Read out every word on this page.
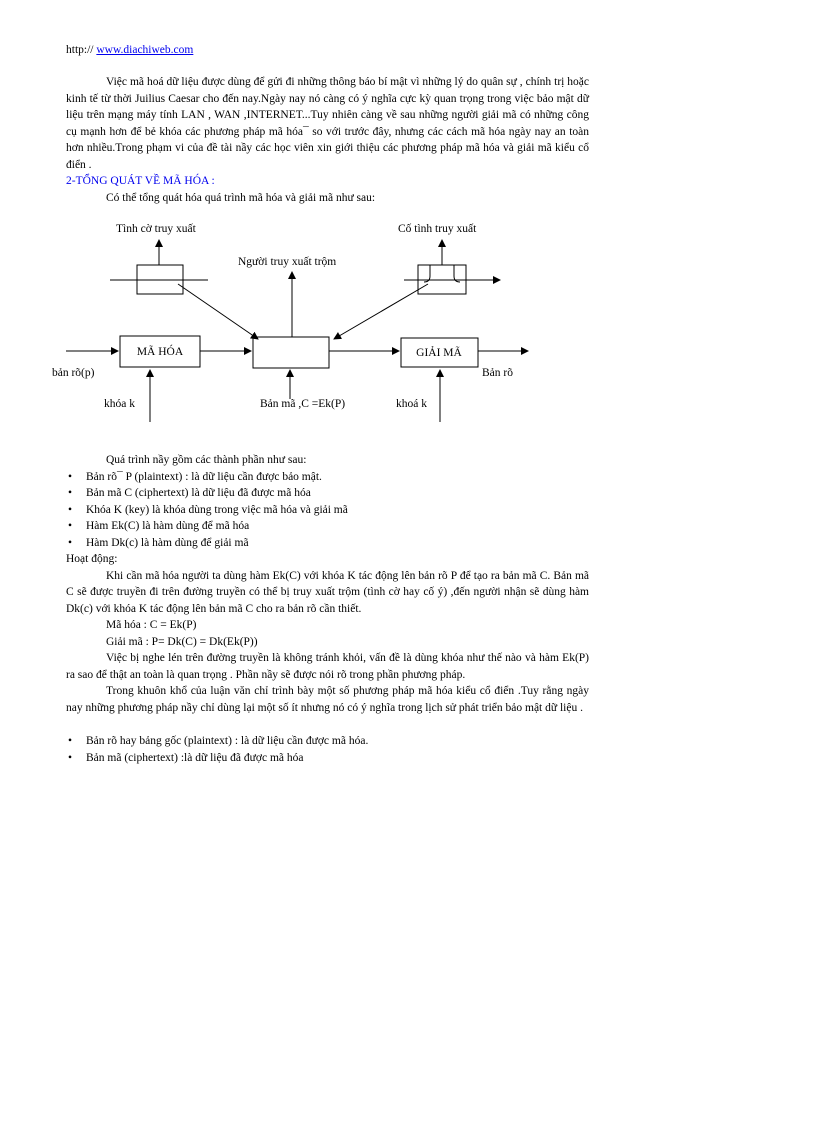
http:// www.diachiweb.com

Việc mã hoá dữ liệu được dùng để gửi đi những thông báo bí mật vì những lý do quân sự , chính trị hoặc kinh tế từ thời Juilius Caesar cho đến nay.Ngày nay nó càng có ý nghĩa cực kỳ quan trọng trong việc bảo mật dữ liệu trên mạng máy tính LAN , WAN ,INTERNET...Tuy nhiên càng về sau những người giải mã có những công cụ mạnh hơn để bẻ khóa các phương pháp mã hóa¯ so với trước đây, nhưng các cách mã hóa ngày nay an toàn hơn nhiều.Trong phạm vi của đề tài nầy các học viên xin giới thiệu các phương pháp mã hóa và giải mã kiểu cổ điển .

2-TỔNG QUÁT VỀ MÃ HÓA :

Có thể tổng quát hóa quá trình mã hóa và giải mã như sau:

Tình cờ truy xuất	Cố tình truy xuất
Người truy xuất trộm
MÃ HÓA	GIẢI MÃ
bản rõ(p)	Bản rõ
khóa k	Bản mã ,C =Ek(P)	khoá k

Quá trình nầy gồm các thành phần như sau:

• Bản rõ¯ P (plaintext) : là dữ liệu cần được bảo mật.
• Bản mã C (ciphertext) là dữ liệu đã được mã hóa
• Khóa K (key) là khóa dùng trong việc mã hóa và giải mã
• Hàm Ek(C) là hàm dùng để mã hóa
• Hàm Dk(c) là hàm dùng để giải mã

Hoạt động:

Khi cần mã hóa người ta dùng hàm Ek(C) với khóa K tác động lên bản rõ P để tạo ra bản mã C. Bản mã C sẽ được truyền đi trên đường truyền có thể bị truy xuất trộm (tình cờ hay cố ý) ,đến người nhận sẽ dùng hàm Dk(c) với khóa K tác động lên bản mã C cho ra bản rõ cần thiết.

Mã hóa : C = Ek(P)

Giải mã : P= Dk(C) = Dk(Ek(P))

Việc bị nghe lén trên đường truyền là không tránh khỏi, vấn đề là dùng khóa như thế nào và hàm Ek(P) ra sao để thật an toàn là quan trọng . Phần nầy sẽ được nói rõ trong phần phương pháp.

Trong khuôn khổ của luận văn chỉ trình bày một số phương pháp mã hóa kiểu cổ điển .Tuy rằng ngày nay những phương pháp nầy chỉ dùng lại một số ít nhưng nó có ý nghĩa trong lịch sử phát triển bảo mật dữ liệu .

• Bản rõ hay bảng gốc (plaintext) : là dữ liệu cần được mã hóa.
• Bản mã (ciphertext) :là dữ liệu đã được mã hóa
